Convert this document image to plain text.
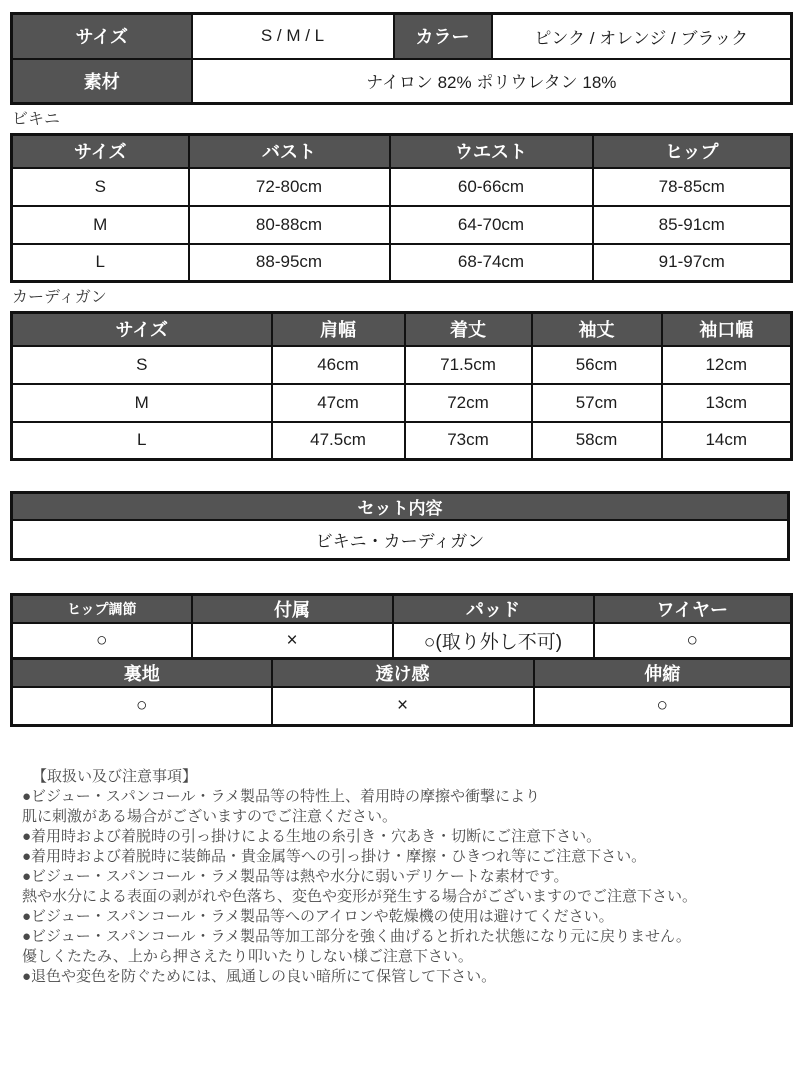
サイズ	S / M / L	カラー	ピンク / オレンジ / ブラック
素材	ナイロン 82% ポリウレタン 18%		
ビキニ
サイズ	バスト	ウエスト	ヒップ
S	72-80cm	60-66cm	78-85cm
M	80-88cm	64-70cm	85-91cm
L	88-95cm	68-74cm	91-97cm
カーディガン
サイズ	肩幅	着丈	袖丈	袖口幅
S	46cm	71.5cm	56cm	12cm
M	47cm	72cm	57cm	13cm
L	47.5cm	73cm	58cm	14cm
セット内容
ビキニ・カーディガン
ヒップ調節	付属	パッド	ワイヤー
○	×	○(取り外し不可)	○
裏地	透け感	伸縮
○	×	○
【取扱い及び注意事項】
●ビジュー・スパンコール・ラメ製品等の特性上、着用時の摩擦や衝撃により
肌に刺激がある場合がございますのでご注意ください。
●着用時および着脱時の引っ掛けによる生地の糸引き・穴あき・切断にご注意下さい。
●着用時および着脱時に装飾品・貴金属等への引っ掛け・摩擦・ひきつれ等にご注意下さい。
●ビジュー・スパンコール・ラメ製品等は熱や水分に弱いデリケートな素材です。
熱や水分による表面の剥がれや色落ち、変色や変形が発生する場合がございますのでご注意下さい。
●ビジュー・スパンコール・ラメ製品等へのアイロンや乾燥機の使用は避けてください。
●ビジュー・スパンコール・ラメ製品等加工部分を強く曲げると折れた状態になり元に戻りません。
優しくたたみ、上から押さえたり叩いたりしない様ご注意下さい。
●退色や変色を防ぐためには、風通しの良い暗所にて保管して下さい。
